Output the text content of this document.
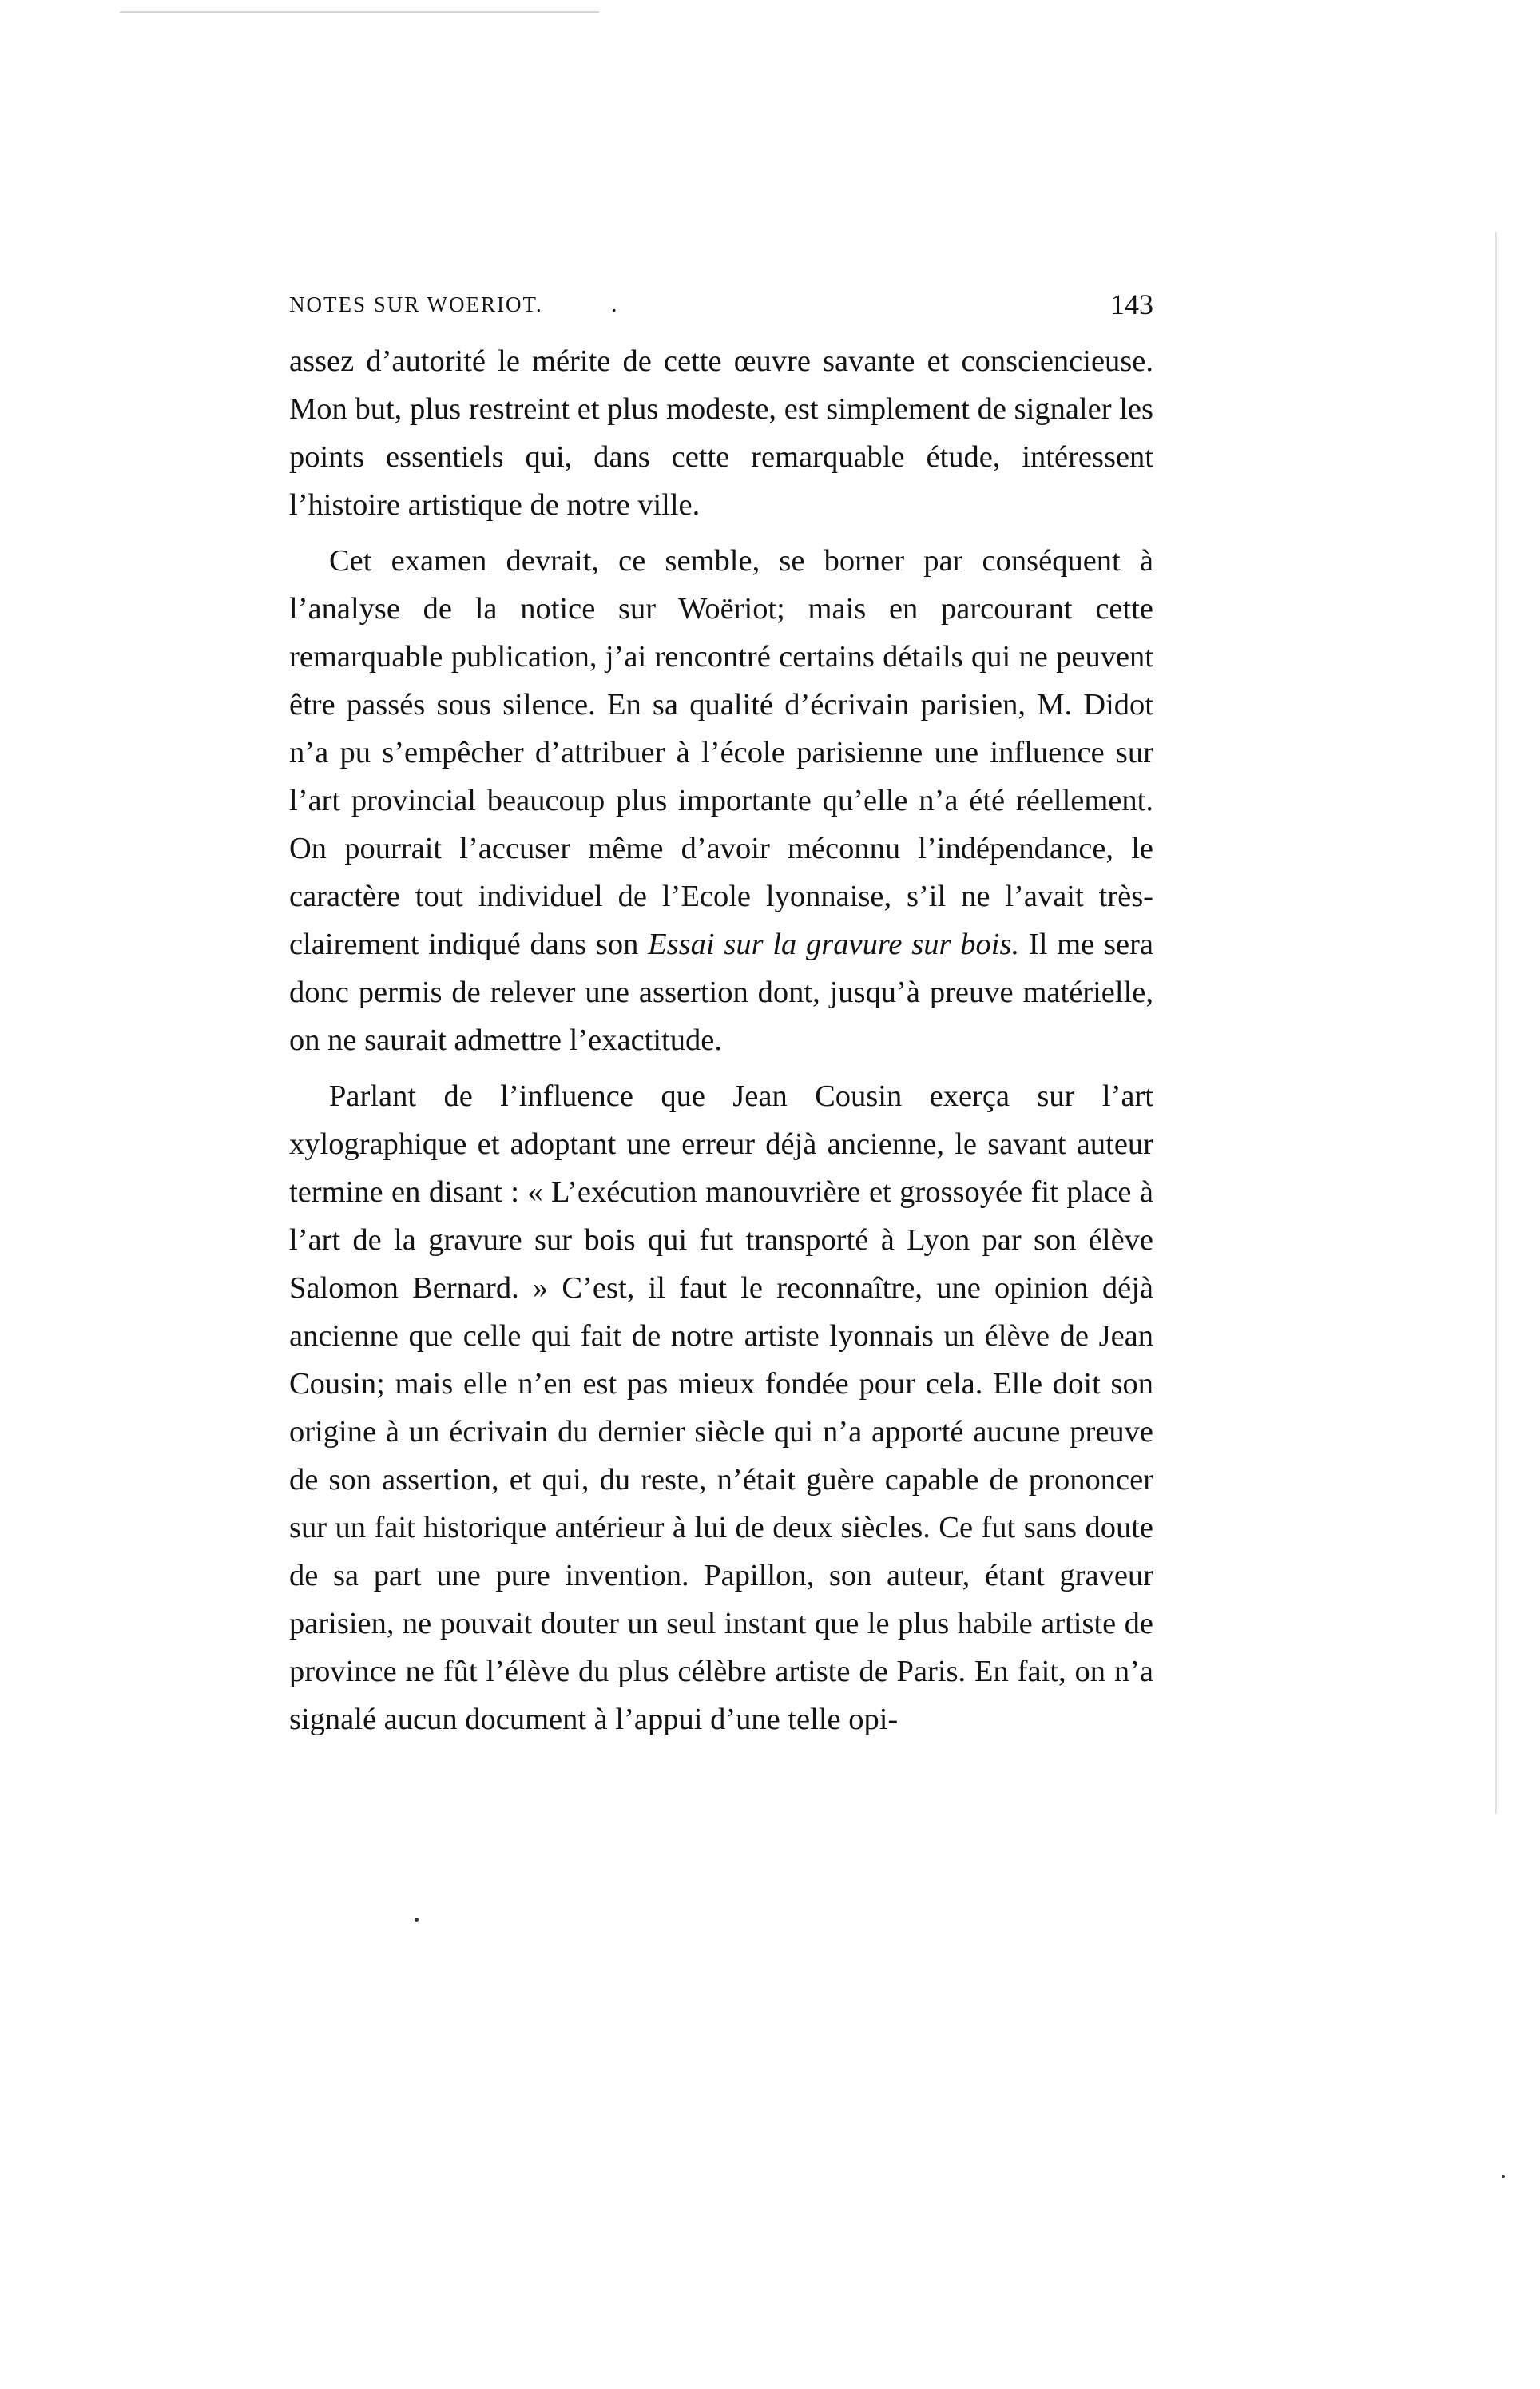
NOTES SUR WOERIOT.	.	143

assez d’autorité le mérite de cette œuvre savante et consciencieuse. Mon but, plus restreint et plus modeste, est simplement de signaler les points essentiels qui, dans cette remarquable étude, intéressent l’histoire artistique de notre ville.

Cet examen devrait, ce semble, se borner par conséquent à l’analyse de la notice sur Woëriot; mais en parcourant cette remarquable publication, j’ai rencontré certains détails qui ne peuvent être passés sous silence. En sa qualité d’écrivain parisien, M. Didot n’a pu s’empêcher d’attribuer à l’école parisienne une influence sur l’art provincial beaucoup plus importante qu’elle n’a été réellement. On pourrait l’accuser même d’avoir méconnu l’indépendance, le caractère tout individuel de l’Ecole lyonnaise, s’il ne l’avait très-clairement indiqué dans son Essai sur la gravure sur bois. Il me sera donc permis de relever une assertion dont, jusqu’à preuve matérielle, on ne saurait admettre l’exactitude.

Parlant de l’influence que Jean Cousin exerça sur l’art xylographique et adoptant une erreur déjà ancienne, le savant auteur termine en disant : « L’exécution manouvrière et grossoyée fit place à l’art de la gravure sur bois qui fut transporté à Lyon par son élève Salomon Bernard. » C’est, il faut le reconnaître, une opinion déjà ancienne que celle qui fait de notre artiste lyonnais un élève de Jean Cousin; mais elle n’en est pas mieux fondée pour cela. Elle doit son origine à un écrivain du dernier siècle qui n’a apporté aucune preuve de son assertion, et qui, du reste, n’était guère capable de prononcer sur un fait historique antérieur à lui de deux siècles. Ce fut sans doute de sa part une pure invention. Papillon, son auteur, étant graveur parisien, ne pouvait douter un seul instant que le plus habile artiste de province ne fût l’élève du plus célèbre artiste de Paris. En fait, on n’a signalé aucun document à l’appui d’une telle opi-
